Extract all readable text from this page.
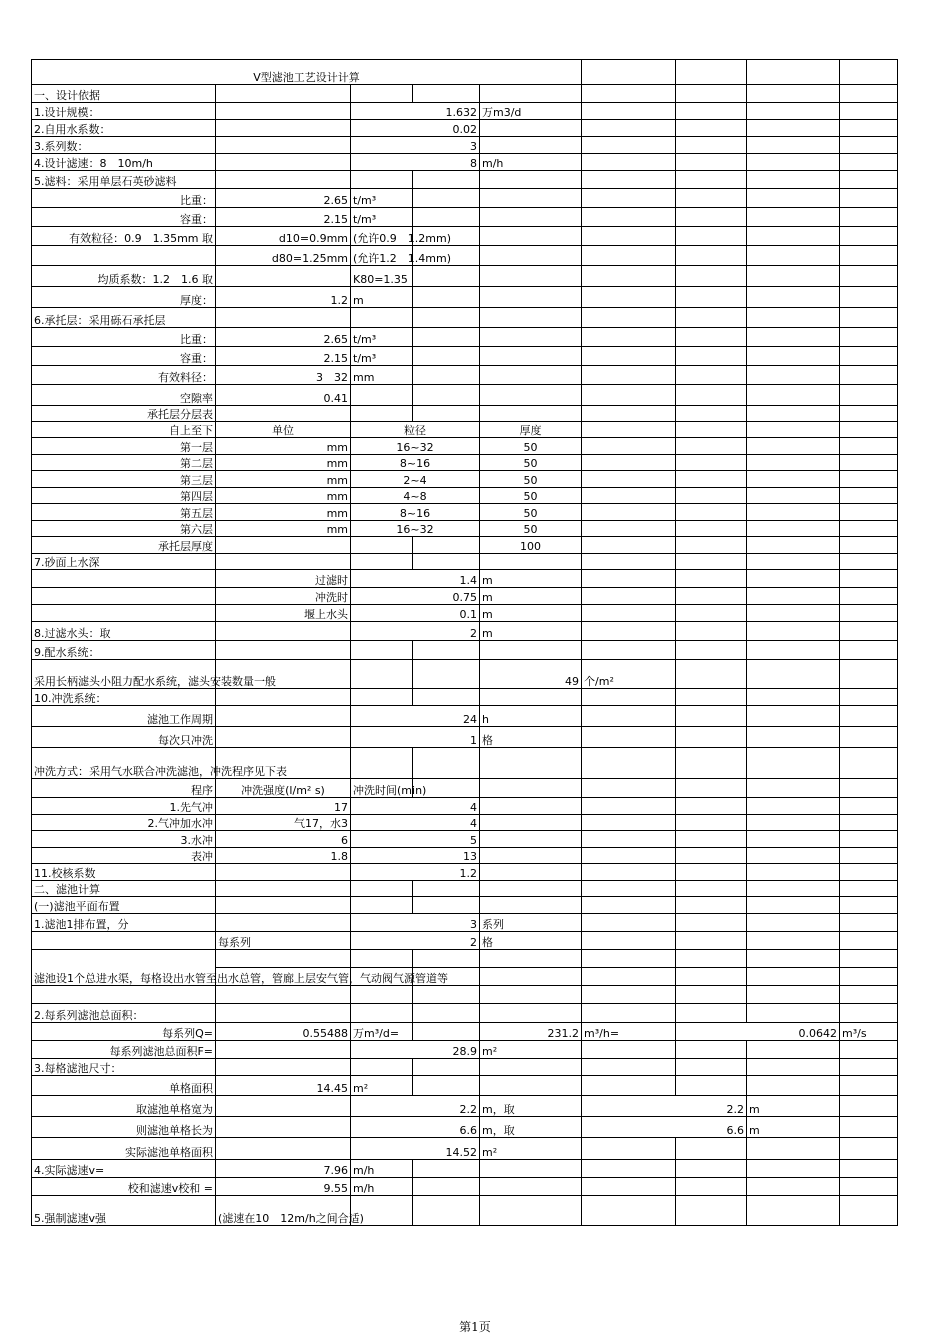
V型滤池工艺设计计算								
一、设计依据								
1.设计规模：		1.632		万m3/d				
2.自用水系数：		0.02						
3.系列数：		3						
4.设计滤速：8　10m/h		8		m/h				
5.滤料：采用单层石英砂滤料								
比重：	2.65	t/m³						
容重：	2.15	t/m³						
有效粒径：0.9　1.35mm 取	d10=0.9mm	(允许0.9　1.2mm)						
	d80=1.25mm	(允许1.2　1.4mm)						
均质系数：1.2　1.6 取		K80=1.35						
厚度：	1.2	m						
6.承托层：采用砾石承托层								
比重：	2.65	t/m³						
容重：	2.15	t/m³						
有效料径：	3　32	mm						
空隙率	0.41							
承托层分层表								
自上至下	单位	粒径		厚度				
第一层	mm	16~32		50				
第二层	mm	8~16		50				
第三层	mm	2~4		50				
第四层	mm	4~8		50				
第五层	mm	8~16		50				
第六层	mm	16~32		50				
承托层厚度				100				
7.砂面上水深								
	过滤时	1.4		m				
	冲洗时	0.75		m				
	堰上水头	0.1		m				
8.过滤水头：取		2		m				
9.配水系统：								
采用长柄滤头小阻力配水系统，滤头安装数量一般				49	个/m²			
10.冲洗系统：								
滤池工作周期		24		h				
每次只冲洗		1		格				
冲洗方式：采用气水联合冲洗滤池，冲洗程序见下表								
程序	冲洗强度(l/m² s)	冲洗时间(min)						
1.先气冲	17	4						
2.气冲加水冲	气17，水3	4						
3.水冲	6	5						
表冲	1.8	13						
11.校核系数		1.2						
二、滤池计算								
(一)滤池平面布置								
1.滤池1排布置，分		3		系列				
	每系列	2		格				
滤池设1个总进水渠，每格设出水管至出水总管，管廊上层安气管，气动阀气源管道等								

2.每系列滤池总面积：								
每系列Q=	0.55488	万m³/d=		231.2	m³/h=	0.0642		m³/s
每系列滤池总面积F=		28.9		m²				
3.每格滤池尺寸：								
单格面积	14.45	m²						
取滤池单格宽为		2.2		m，取	2.2		m	
则滤池单格长为		6.6		m，取	6.6		m	
实际滤池单格面积		14.52		m²				
4.实际滤速v=	7.96	m/h						
校和滤速v校和 =	9.55	m/h						
5.强制滤速v强	(滤速在10　12m/h之间合适)							
第1页
